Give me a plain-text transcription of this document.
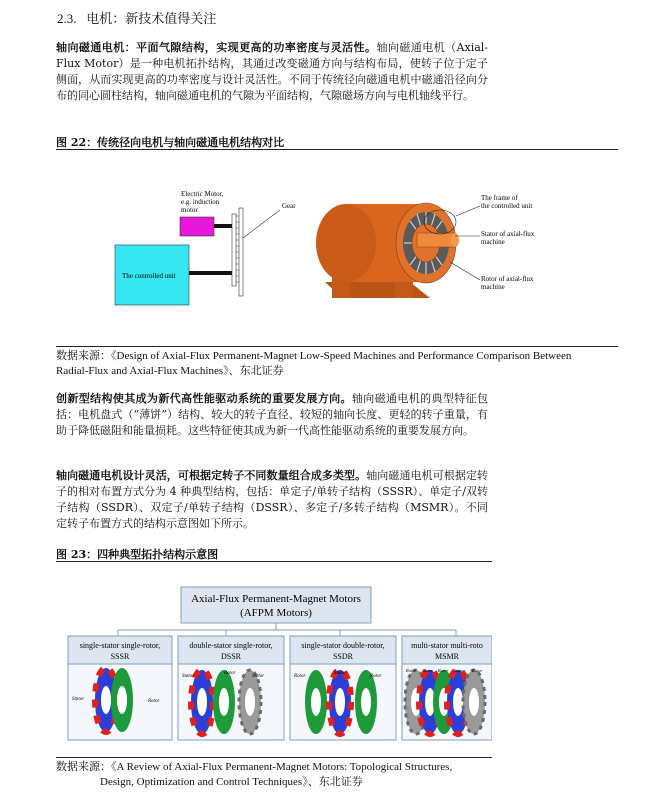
2.3. 电机：新技术值得关注
轴向磁通电机：平面气隙结构，实现更高的功率密度与灵活性。轴向磁通电机（Axial-Flux Motor）是一种电机拓扑结构，其通过改变磁通方向与结构布局，使转子位于定子侧面，从而实现更高的功率密度与设计灵活性。不同于传统径向磁通电机中磁通沿径向分布的同心圆柱结构，轴向磁通电机的气隙为平面结构，气隙磁场方向与电机轴线平行。
图 22：传统径向电机与轴向磁通电机结构对比
Electric Motor,
e.g. induction
motor
The controlled unit
Gear
The frame of
the controlled unit
Stator of axial-flux
machine
Rotor of axial-flux
machine
数据来源：《Design of Axial-Flux Permanent-Magnet Low-Speed Machines and Performance Comparison Between
Radial-Flux and Axial-Flux Machines》、东北证券
创新型结构使其成为新代高性能驱动系统的重要发展方向。轴向磁通电机的典型特征包括：电机盘式（“薄饼”）结构、较大的转子直径、较短的轴向长度、更轻的转子重量，有助于降低磁阻和能量损耗。这些特征使其成为新一代高性能驱动系统的重要发展方向。
轴向磁通电机设计灵活，可根据定转子不同数量组合成多类型。轴向磁通电机可根据定转子的相对布置方式分为 4 种典型结构，包括：单定子/单转子结构（SSSR）、单定子/双转子结构（SSDR）、双定子/单转子结构（DSSR）、多定子/多转子结构（MSMR）。不同定转子布置方式的结构示意图如下所示。
图 23：四种典型拓扑结构示意图
Axial-Flux Permanent-Magnet Motors
(AFPM Motors)
single-stator single-rotor,
SSSR
Stator	Rotor
double-stator single-rotor,
DSSR
Stator
Rotor
Stator
single-stator double-rotor,
SSDR
Rotor
Stator
Rotor
multi-stator multi-roto
MSMR
Rotor Stator Rotor Stator Rotor
数据来源：《A Review of Axial-Flux Permanent-Magnet Motors: Topological Structures,
Design, Optimization and Control Techniques》、东北证券
